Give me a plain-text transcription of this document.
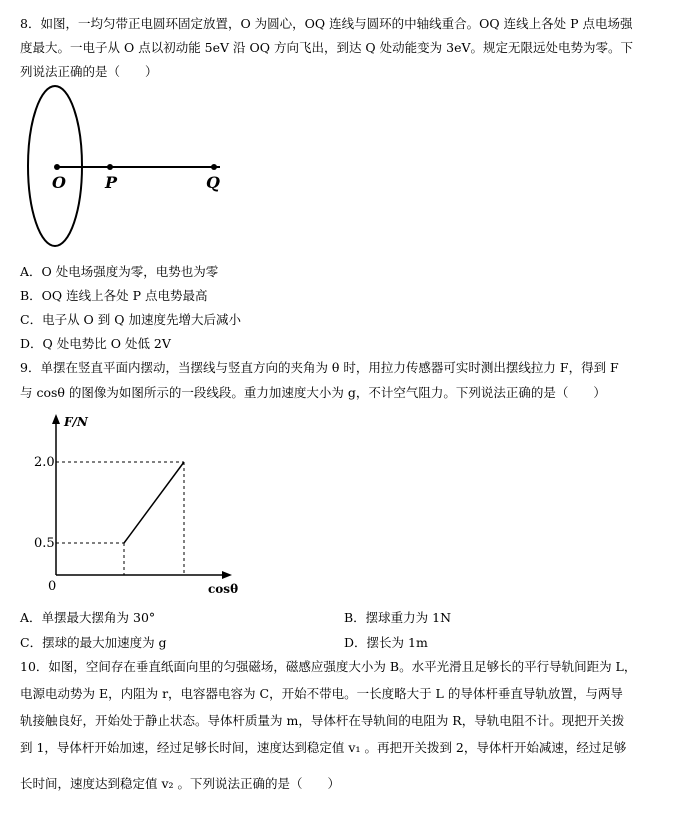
8．如图，一均匀带正电圆环固定放置，O 为圆心，OQ 连线与圆环的中轴线重合。OQ 连线上各处 P 点电场强
度最大。一电子从 O 点以初动能 5eV 沿 OQ 方向飞出，到达 Q 处动能变为 3eV。规定无限远处电势为零。下
列说法正确的是（　　）
O P	Q
A．O 处电场强度为零，电势也为零
B．OQ 连线上各处 P 点电势最高
C．电子从 O 到 Q 加速度先增大后减小
D．Q 处电势比 O 处低 2V
9．单摆在竖直平面内摆动，当摆线与竖直方向的夹角为 θ 时，用拉力传感器可实时测出摆线拉力 F，得到 F
与 cosθ 的图像为如图所示的一段线段。重力加速度大小为 g，不计空气阻力。下列说法正确的是（　　）
F/N
2.0
0.5
0	cosθ
A．单摆最大摆角为 30°	B．摆球重力为 1N
C．摆球的最大加速度为 g	D．摆长为 1m
10．如图，空间存在垂直纸面向里的匀强磁场，磁感应强度大小为 B。水平光滑且足够长的平行导轨间距为 L，
电源电动势为 E，内阻为 r，电容器电容为 C，开始不带电。一长度略大于 L 的导体杆垂直导轨放置，与两导
轨接触良好，开始处于静止状态。导体杆质量为 m，导体杆在导轨间的电阻为 R，导轨电阻不计。现把开关拨
到 1，导体杆开始加速，经过足够长时间，速度达到稳定值 v₁ 。再把开关拨到 2，导体杆开始减速，经过足够
长时间，速度达到稳定值 v₂ 。下列说法正确的是（　　）
